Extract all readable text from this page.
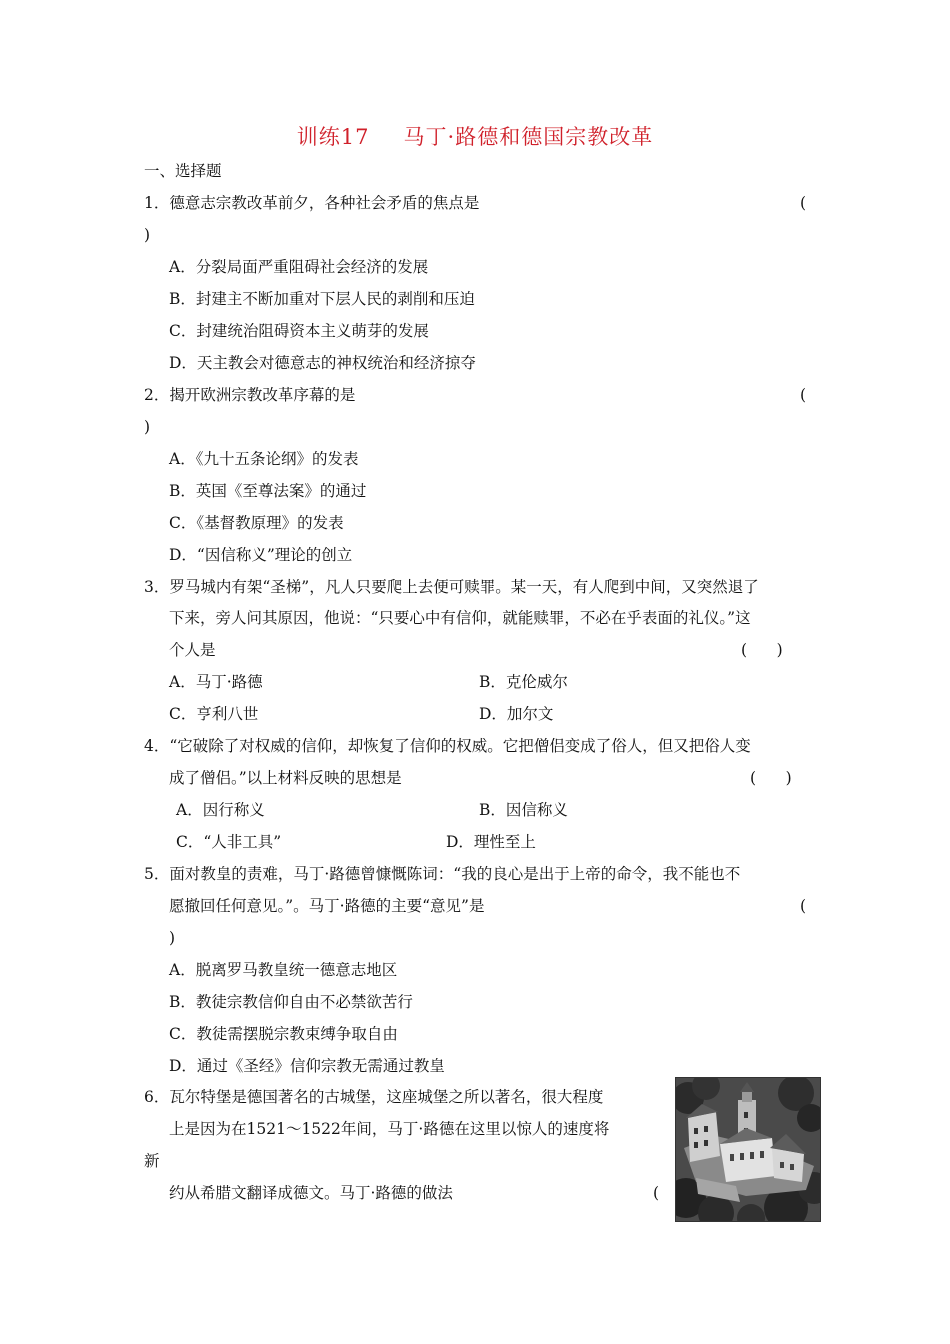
训练17 马丁·路德和德国宗教改革
一、选择题
1．德意志宗教改革前夕，各种社会矛盾的焦点是	(
)
A．分裂局面严重阻碍社会经济的发展
B．封建主不断加重对下层人民的剥削和压迫
C．封建统治阻碍资本主义萌芽的发展
D．天主教会对德意志的神权统治和经济掠夺
2．揭开欧洲宗教改革序幕的是	(
)
A．《九十五条论纲》的发表
B．英国《至尊法案》的通过
C．《基督教原理》的发表
D．“因信称义”理论的创立
3．罗马城内有架“圣梯”，凡人只要爬上去便可赎罪。某一天，有人爬到中间，又突然退了
下来，旁人问其原因，他说：“只要心中有信仰，就能赎罪，不必在乎表面的礼仪。”这
个人是	(      )
A．马丁·路德	B．克伦威尔
C．亨利八世	D．加尔文
4．“它破除了对权威的信仰，却恢复了信仰的权威。它把僧侣变成了俗人，但又把俗人变
成了僧侣。”以上材料反映的思想是	(      )
A．因行称义	B．因信称义
C．“人非工具”	D．理性至上
5．面对教皇的责难，马丁·路德曾慷慨陈词：“我的良心是出于上帝的命令，我不能也不
愿撤回任何意见。”。马丁·路德的主要“意见”是	(
)
A．脱离罗马教皇统一德意志地区
B．教徒宗教信仰自由不必禁欲苦行
C．教徒需摆脱宗教束缚争取自由
D．通过《圣经》信仰宗教无需通过教皇
6．瓦尔特堡是德国著名的古城堡，这座城堡之所以著名，很大程度
上是因为在1521～1522年间，马丁·路德在这里以惊人的速度将
新
约从希腊文翻译成德文。马丁·路德的做法	(
